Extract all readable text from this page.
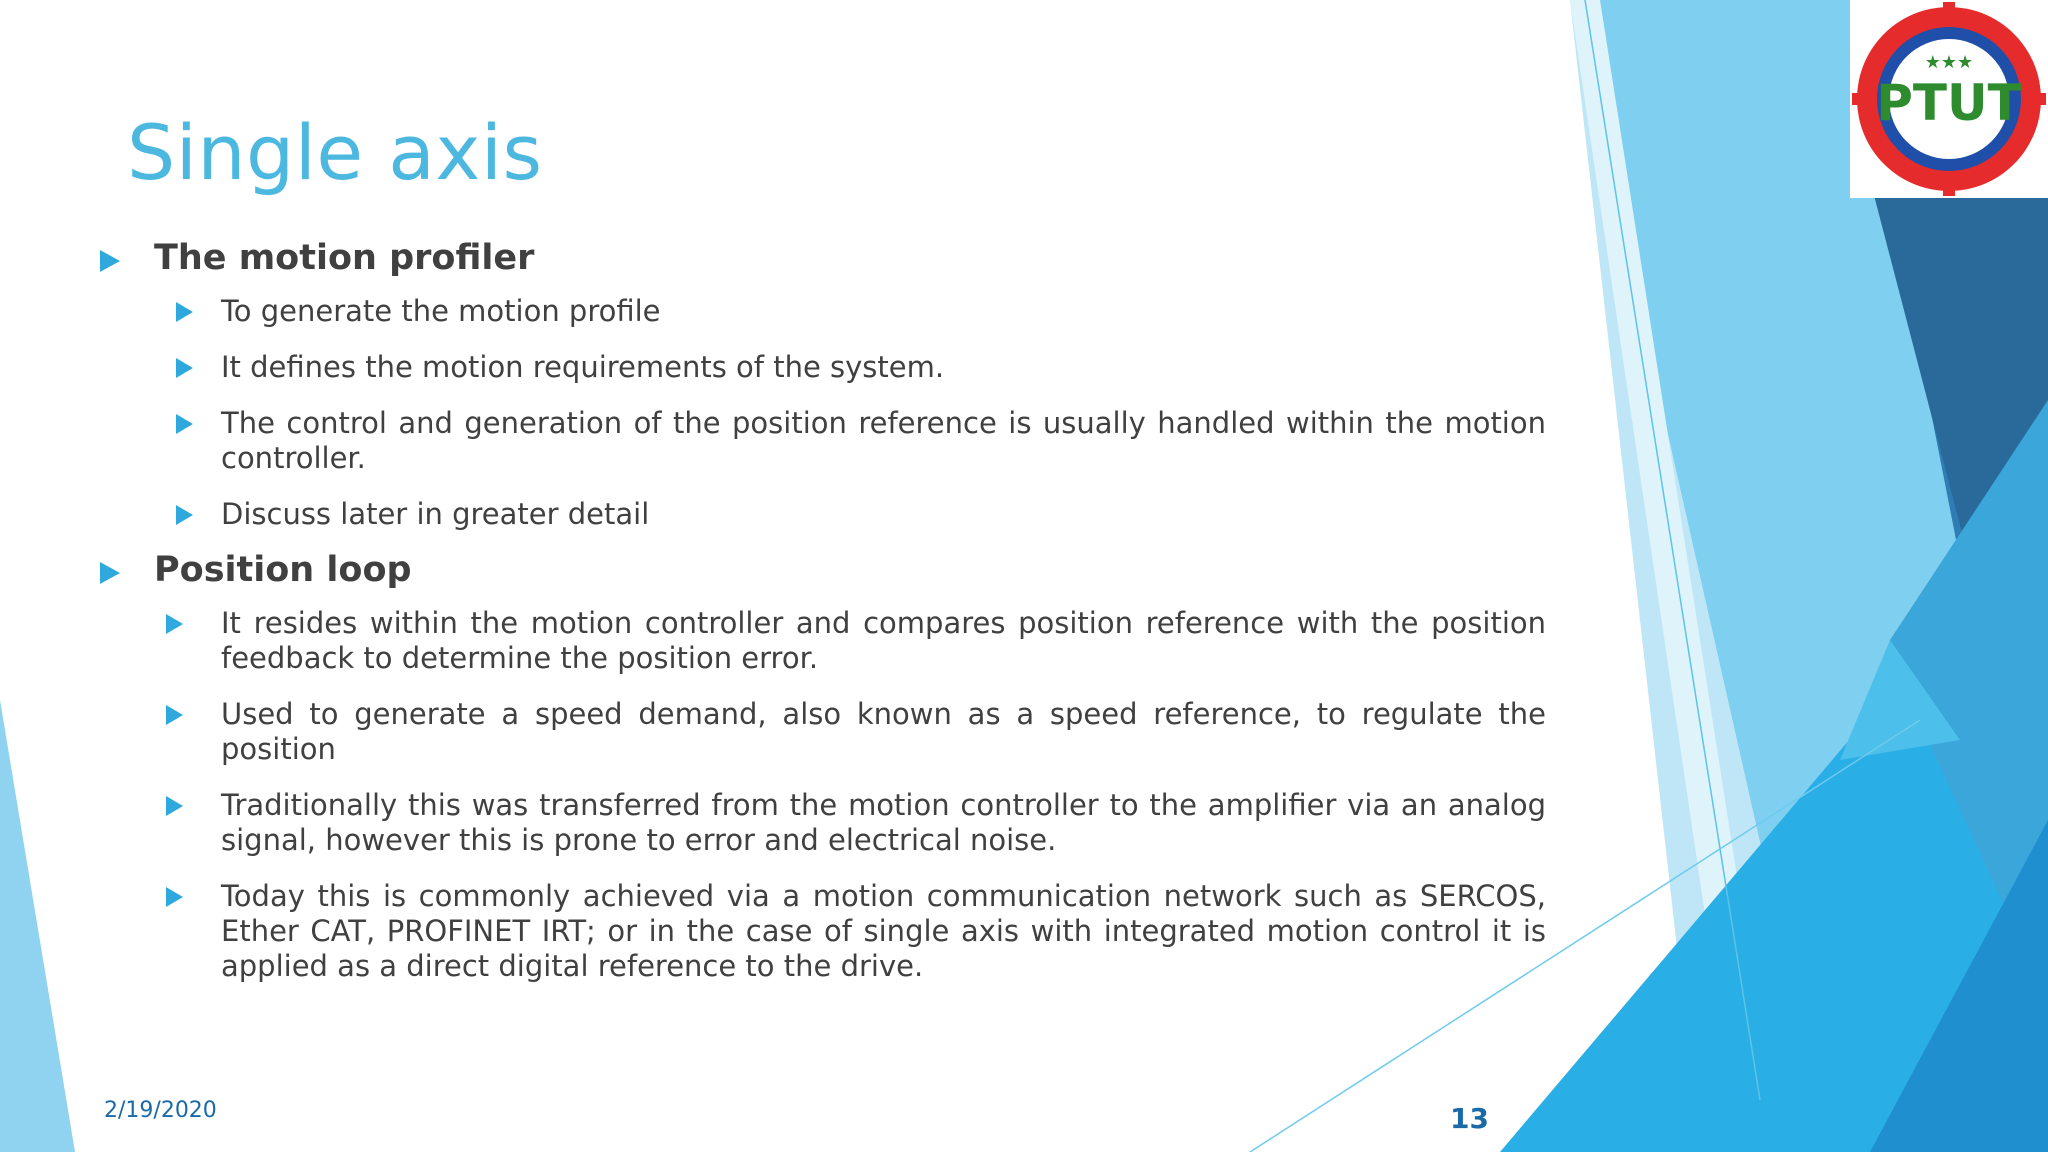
★★★
PTUT
Single axis
The motion profiler
To generate the motion profile
It defines the motion requirements of the system.
The control and generation of the position reference is usually handled within the motion controller.
Discuss later in greater detail
Position loop
It resides within the motion controller and compares position reference with the position feedback to determine the position error.
Used to generate a speed demand, also known as a speed reference, to regulate the position
Traditionally this was transferred from the motion controller to the amplifier via an analog signal, however this is prone to error and electrical noise.
Today this is commonly achieved via a motion communication network such as SERCOS, Ether CAT, PROFINET IRT; or in the case of single axis with integrated motion control it is applied as a direct digital reference to the drive.
2/19/2020	13
